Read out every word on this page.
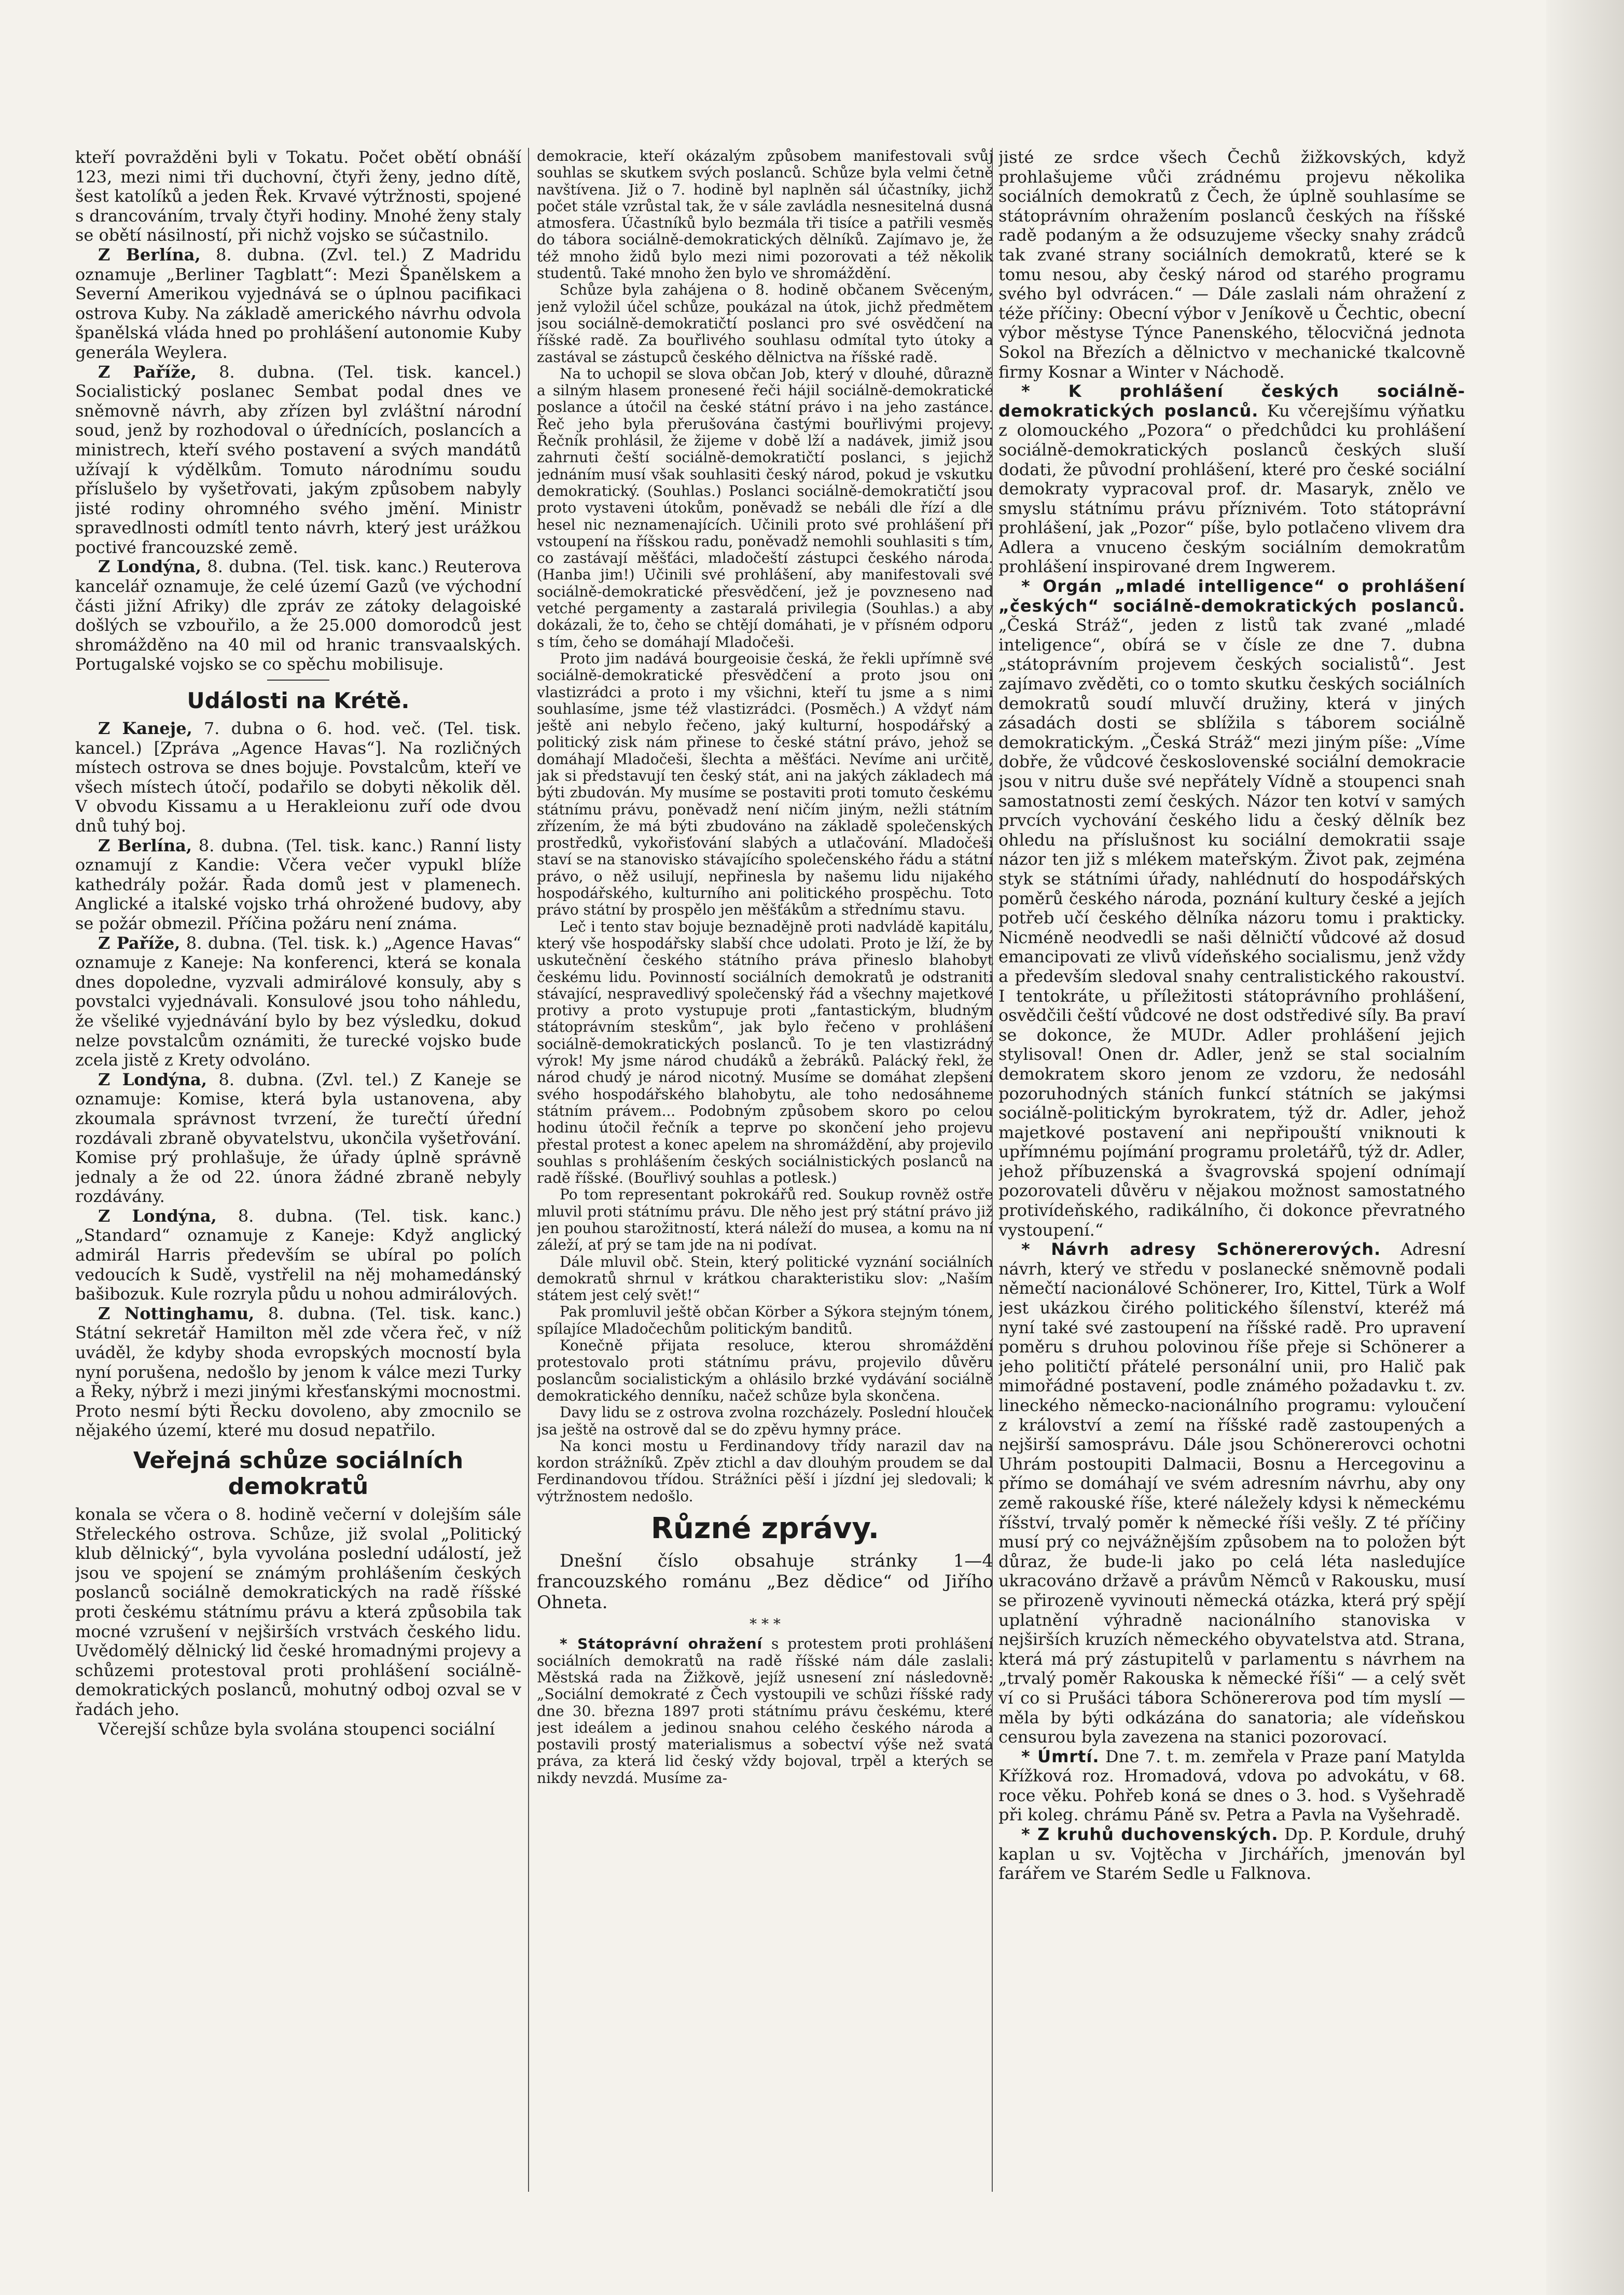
kteří povražděni byli v Tokatu. Počet obětí obnáší 123, mezi nimi tři duchovní, čtyři ženy, jedno dítě, šest katolíků a jeden Řek. Krvavé výtržnosti, spojené s drancováním, trvaly čtyři hodiny. Mnohé ženy staly se obětí násilností, při nichž vojsko se súčastnilo.

Z Berlína, 8. dubna. (Zvl. tel.) Z Madridu oznamuje „Berliner Tagblatt“: Mezi Španělskem a Severní Amerikou vyjednává se o úplnou pacifikaci ostrova Kuby. Na základě amerického návrhu odvola španělská vláda hned po prohlášení autonomie Kuby generála Weylera.

Z Paříže, 8. dubna. (Tel. tisk. kancel.) Socialistický poslanec Sembat podal dnes ve sněmovně návrh, aby zřízen byl zvláštní národní soud, jenž by rozhodoval o úřednících, poslancích a ministrech, kteří svého postavení a svých mandátů užívají k výdělkům. Tomuto národnímu soudu příslušelo by vyšetřovati, jakým způsobem nabyly jisté rodiny ohromného svého jmění. Ministr spravedlnosti odmítl tento návrh, který jest urážkou poctivé francouzské země.

Z Londýna, 8. dubna. (Tel. tisk. kanc.) Reuterova kancelář oznamuje, že celé území Gazů (ve východní části jižní Afriky) dle zpráv ze zátoky delagoiské došlých se vzbouřilo, a že 25.000 domorodců jest shromážděno na 40 mil od hranic transvaalských. Portugalské vojsko se co spěchu mobilisuje.

Události na Krétě.

Z Kaneje, 7. dubna o 6. hod. več. (Tel. tisk. kancel.) [Zpráva „Agence Havas“]. Na rozličných místech ostrova se dnes bojuje. Povstalcům, kteří ve všech místech útočí, podařilo se dobyti několik děl. V obvodu Kissamu a u Herakleionu zuří ode dvou dnů tuhý boj.

Z Berlína, 8. dubna. (Tel. tisk. kanc.) Ranní listy oznamují z Kandie: Včera večer vypukl blíže kathedrály požár. Řada domů jest v plamenech. Anglické a italské vojsko trhá ohrožené budovy, aby se požár obmezil. Příčina požáru není známa.

Z Paříže, 8. dubna. (Tel. tisk. k.) „Agence Havas“ oznamuje z Kaneje: Na konferenci, která se konala dnes dopoledne, vyzvali admirálové konsuly, aby s povstalci vyjednávali. Konsulové jsou toho náhledu, že všeliké vyjednávání bylo by bez výsledku, dokud nelze povstalcům oznámiti, že turecké vojsko bude zcela jistě z Krety odvoláno.

Z Londýna, 8. dubna. (Zvl. tel.) Z Kaneje se oznamuje: Komise, která byla ustanovena, aby zkoumala správnost tvrzení, že turečtí úřední rozdávali zbraně obyvatelstvu, ukončila vyšetřování. Komise prý prohlašuje, že úřady úplně správně jednaly a že od 22. února žádné zbraně nebyly rozdávány.

Z Londýna, 8. dubna. (Tel. tisk. kanc.) „Standard“ oznamuje z Kaneje: Když anglický admirál Harris především se ubíral po polích vedoucích k Sudě, vystřelil na něj mohamedánský bašibozuk. Kule rozryla půdu u nohou admirálových.

Z Nottinghamu, 8. dubna. (Tel. tisk. kanc.) Státní sekretář Hamilton měl zde včera řeč, v níž uváděl, že kdyby shoda evropských mocností byla nyní porušena, nedošlo by jenom k válce mezi Turky a Řeky, nýbrž i mezi jinými křesťanskými mocnostmi. Proto nesmí býti Řecku dovoleno, aby zmocnilo se nějakého území, které mu dosud nepatřilo.

Veřejná schůze sociálních demokratů

konala se včera o 8. hodině večerní v dolejším sále Střeleckého ostrova. Schůze, již svolal „Politický klub dělnický“, byla vyvolána poslední událostí, jež jsou ve spojení se známým prohlášením českých poslanců sociálně demokratických na radě říšské proti českému státnímu právu a která způsobila tak mocné vzrušení v nejširších vrstvách českého lidu. Uvědomělý dělnický lid české hromadnými projevy a schůzemi protestoval proti prohlášení sociálně-demokratických poslanců, mohutný odboj ozval se v řadách jeho.

Včerejší schůze byla svolána stoupenci sociální

demokracie, kteří okázalým způsobem manifestovali svůj souhlas se skutkem svých poslanců. Schůze byla velmi četně navštívena. Již o 7. hodině byl naplněn sál účastníky, jichž počet stále vzrůstal tak, že v sále zavládla nesnesitelná dusná atmosfera. Účastníků bylo bezmála tři tisíce a patřili vesměs do tábora sociálně-demokratických dělníků. Zajímavo je, že též mnoho židů bylo mezi nimi pozorovati a též několik studentů. Také mnoho žen bylo ve shromáždění.

Schůze byla zahájena o 8. hodině občanem Svěceným, jenž vyložil účel schůze, poukázal na útok, jichž předmětem jsou sociálně-demokratičtí poslanci pro své osvědčení na říšské radě. Za bouřlivého souhlasu odmítal tyto útoky a zastával se zástupců českého dělnictva na říšské radě.

Na to uchopil se slova občan Job, který v dlouhé, důrazně a silným hlasem pronesené řeči hájil sociálně-demokratické poslance a útočil na české státní právo i na jeho zastánce. Řeč jeho byla přerušována častými bouřlivými projevy. Řečník prohlásil, že žijeme v době lží a nadávek, jimiž jsou zahrnuti čeští sociálně-demokratičtí poslanci, s jejichž jednáním musí však souhlasiti český národ, pokud je vskutku demokratický. (Souhlas.) Poslanci sociálně-demokratičtí jsou proto vystaveni útokům, poněvadž se nebáli dle řízí a dle hesel nic neznamenajících. Učinili proto své prohlášení při vstoupení na říšskou radu, poněvadž nemohli souhlasiti s tím, co zastávají měšťáci, mladočeští zástupci českého národa. (Hanba jim!) Učinili své prohlášení, aby manifestovali své sociálně-demokratické přesvědčení, jež je povzneseno nad vetché pergamenty a zastaralá privilegia (Souhlas.) a aby dokázali, že to, čeho se chtějí domáhati, je v přísném odporu s tím, čeho se domáhají Mladočeši.

Proto jim nadává bourgeoisie česká, že řekli upřímně své sociálně-demokratické přesvědčení a proto jsou oni vlastizrádci a proto i my všichni, kteří tu jsme a s nimi souhlasíme, jsme též vlastizrádci. (Posměch.) A vždyť nám ještě ani nebylo řečeno, jaký kulturní, hospodářský a politický zisk nám přinese to české státní právo, jehož se domáhají Mladočeši, šlechta a měšťáci. Nevíme ani určitě, jak si představují ten český stát, ani na jakých základech má býti zbudován. My musíme se postaviti proti tomuto českému státnímu právu, poněvadž není ničím jiným, nežli státním zřízením, že má býti zbudováno na základě společenských prostředků, vykořisťování slabých a utlačování. Mladočeši staví se na stanovisko stávajícího společenského řádu a státní právo, o něž usilují, nepřinesla by našemu lidu nijakého hospodářského, kulturního ani politického prospěchu. Toto právo státní by prospělo jen měšťákům a střednímu stavu.

Leč i tento stav bojuje beznadějně proti nadvládě kapitálu, který vše hospodářsky slabší chce udolati. Proto je lží, že by uskutečnění českého státního práva přineslo blahobyt českému lidu. Povinností sociálních demokratů je odstraniti stávající, nespravedlivý společenský řád a všechny majetkové protivy a proto vystupuje proti „fantastickým, bludným státoprávním steskům“, jak bylo řečeno v prohlášení sociálně-demokratických poslanců. To je ten vlastizrádný výrok! My jsme národ chudáků a žebráků. Palácký řekl, že národ chudý je národ nicotný. Musíme se domáhat zlepšení svého hospodářského blahobytu, ale toho nedosáhneme státním právem... Podobným způsobem skoro po celou hodinu útočil řečník a teprve po skončení jeho projevu přestal protest a konec apelem na shromáždění, aby projevilo souhlas s prohlášením českých sociálnistických poslanců na radě říšské. (Bouřlivý souhlas a potlesk.)

Po tom representant pokrokářů red. Soukup rovněž ostře mluvil proti státnímu právu. Dle něho jest prý státní právo již jen pouhou starožitností, která náleží do musea, a komu na ní záleží, ať prý se tam jde na ni podívat.

Dále mluvil obč. Stein, který politické vyznání sociálních demokratů shrnul v krátkou charakteristiku slov: „Naším státem jest celý svět!“

Pak promluvil ještě občan Körber a Sýkora stejným tónem, spílajíce Mladočechům politickým banditů.

Konečně přijata resoluce, kterou shromáždění protestovalo proti státnímu právu, projevilo důvěru poslancům socialistickým a ohlásilo brzké vydávání sociálně demokratického denníku, načež schůze byla skončena.

Davy lidu se z ostrova zvolna rozcházely. Poslední hlouček jsa ještě na ostrově dal se do zpěvu hymny práce.

Na konci mostu u Ferdinandovy třídy narazil dav na kordon strážníků. Zpěv ztichl a dav dlouhým proudem se dal Ferdinandovou třídou. Strážníci pěší i jízdní jej sledovali; k výtržnostem nedošlo.

Různé zprávy.

Dnešní číslo obsahuje stránky 1—4 francouzského románu „Bez dědice“ od Jiřího Ohneta.

* * *

* Státoprávní ohražení s protestem proti prohlášení sociálních demokratů na radě říšské nám dále zaslali: Městská rada na Žižkově, jejíž usnesení zní následovně: „Sociální demokraté z Čech vystoupili ve schůzi říšské rady dne 30. března 1897 proti státnímu právu českému, které jest ideálem a jedinou snahou celého českého národa a postavili prostý materialismus a sobectví výše než svatá práva, za která lid český vždy bojoval, trpěl a kterých se nikdy nevzdá. Musíme za-

jisté ze srdce všech Čechů žižkovských, když prohlašujeme vůči zrádnému projevu několika sociálních demokratů z Čech, že úplně souhlasíme se státoprávním ohražením poslanců českých na říšské radě podaným a že odsuzujeme všecky snahy zrádců tak zvané strany sociálních demokratů, které se k tomu nesou, aby český národ od starého programu svého byl odvrácen.“ — Dále zaslali nám ohražení z téže příčiny: Obecní výbor v Jeníkově u Čechtic, obecní výbor městyse Týnce Panenského, tělocvičná jednota Sokol na Březích a dělnictvo v mechanické tkalcovně firmy Kosnar a Winter v Náchodě.

* K prohlášení českých sociálně-demokratických poslanců. Ku včerejšímu výňatku z olomouckého „Pozora“ o předchůdci ku prohlášení sociálně-demokratických poslanců českých sluší dodati, že původní prohlášení, které pro české sociální demokraty vypracoval prof. dr. Masaryk, znělo ve smyslu státnímu právu příznivém. Toto státoprávní prohlášení, jak „Pozor“ píše, bylo potlačeno vlivem dra Adlera a vnuceno českým sociálním demokratům prohlášení inspirované drem Ingwerem.

* Orgán „mladé intelligence“ o prohlášení „českých“ sociálně-demokratických poslanců. „Česká Stráž“, jeden z listů tak zvané „mladé inteligence“, obírá se v čísle ze dne 7. dubna „státoprávním projevem českých socialistů“. Jest zajímavo zvěděti, co o tomto skutku českých sociálních demokratů soudí mluvčí družiny, která v jiných zásadách dosti se sblížila s táborem sociálně demokratickým. „Česká Stráž“ mezi jiným píše: „Víme dobře, že vůdcové československé sociální demokracie jsou v nitru duše své nepřátely Vídně a stoupenci snah samostatnosti zemí českých. Názor ten kotví v samých prvcích vychování českého lidu a český dělník bez ohledu na příslušnost ku sociální demokratii ssaje názor ten již s mlékem mateřským. Život pak, zejména styk se státními úřady, nahlédnutí do hospodářských poměrů českého národa, poznání kultury české a jejích potřeb učí českého dělníka názoru tomu i prakticky. Nicméně neodvedli se naši dělničtí vůdcové až dosud emancipovati ze vlivů vídeňského socialismu, jenž vždy a především sledoval snahy centralistického rakouství. I tentokráte, u příležitosti státoprávního prohlášení, osvědčili čeští vůdcové ne dost odstředivé síly. Ba praví se dokonce, že MUDr. Adler prohlášení jejich stylisoval! Onen dr. Adler, jenž se stal socialním demokratem skoro jenom ze vzdoru, že nedosáhl pozoruhodných stáních funkcí státních se jakýmsi sociálně-politickým byrokratem, týž dr. Adler, jehož majetkové postavení ani nepřipouští vniknouti k upřímnému pojímání programu proletářů, týž dr. Adler, jehož příbuzenská a švagrovská spojení odnímají pozorovateli důvěru v nějakou možnost samostatného protivídeňského, radikálního, či dokonce převratného vystoupení.“

* Návrh adresy Schönererových. Adresní návrh, který ve středu v poslanecké sněmovně podali němečtí nacionálové Schönerer, Iro, Kittel, Türk a Wolf jest ukázkou čirého politického šílenství, kteréž má nyní také své zastoupení na říšské radě. Pro upravení poměru s druhou polovinou říše přeje si Schönerer a jeho političtí přátelé personální unii, pro Halič pak mimořádné postavení, podle známého požadavku t. zv. lineckého německo-nacionálního programu: vyloučení z království a zemí na říšské radě zastoupených a nejširší samosprávu. Dále jsou Schönererovci ochotni Uhrám postoupiti Dalmacii, Bosnu a Hercegovinu a přímo se domáhají ve svém adresním návrhu, aby ony země rakouské říše, které náležely kdysi k německému říšství, trvalý poměr k německé říši vešly. Z té příčiny musí prý co nejvážnějším způsobem na to položen být důraz, že bude-li jako po celá léta nasledujíce ukracováno državě a právům Němců v Rakousku, musí se přirozeně vyvinouti německá otázka, která prý spějí uplatnění výhradně nacionálního stanoviska v nejširších kruzích německého obyvatelstva atd. Strana, která má prý zástupitelů v parlamentu s návrhem na „trvalý poměr Rakouska k německé říši“ — a celý svět ví co si Prušáci tábora Schönererova pod tím myslí — měla by býti odkázána do sanatoria; ale vídeňskou censurou byla zavezena na stanici pozorovací.

* Úmrtí. Dne 7. t. m. zemřela v Praze paní Matylda Křížková roz. Hromadová, vdova po advokátu, v 68. roce věku. Pohřeb koná se dnes o 3. hod. s Vyšehradě při koleg. chrámu Páně sv. Petra a Pavla na Vyšehradě.

* Z kruhů duchovenských. Dp. P. Kordule, druhý kaplan u sv. Vojtěcha v Jirchářích, jmenován byl farářem ve Starém Sedle u Falknova.
